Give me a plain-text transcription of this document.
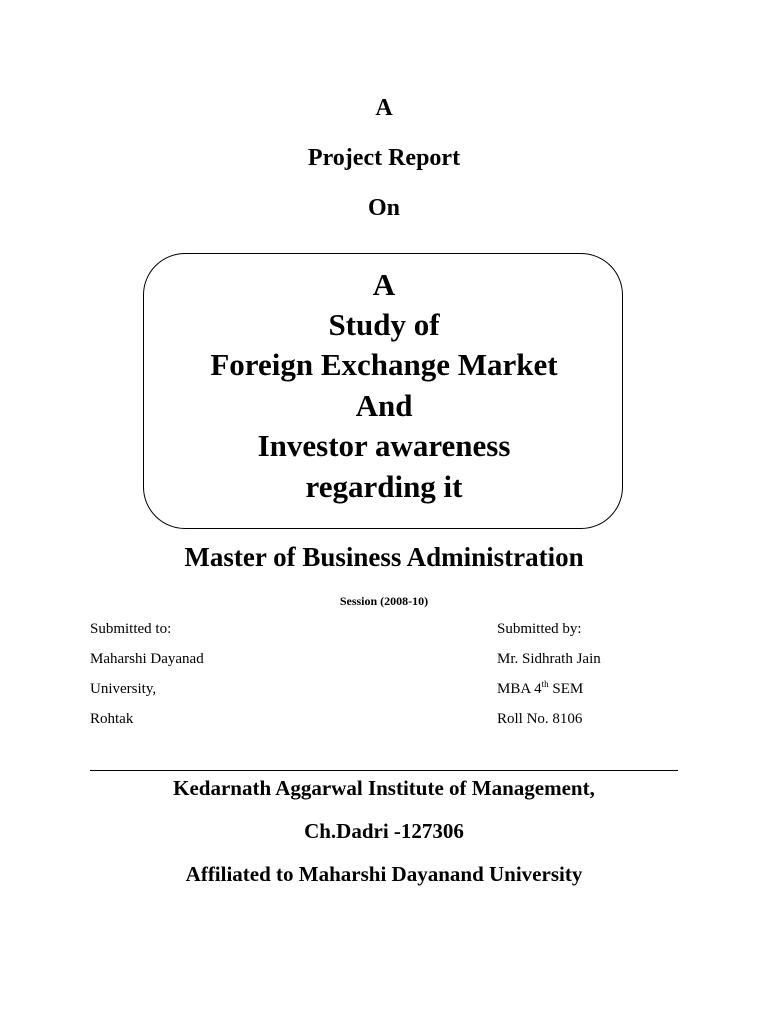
A
Project Report
On
A
Study of
Foreign Exchange Market
And
Investor awareness
regarding it
Master of Business Administration
Session (2008-10)
Submitted to:
Maharshi Dayanad
University,
Rohtak
Submitted by:
Mr. Sidhrath Jain
MBA 4th SEM
Roll No. 8106
Kedarnath Aggarwal Institute of Management,
Ch.Dadri -127306
Affiliated to Maharshi Dayanand University
